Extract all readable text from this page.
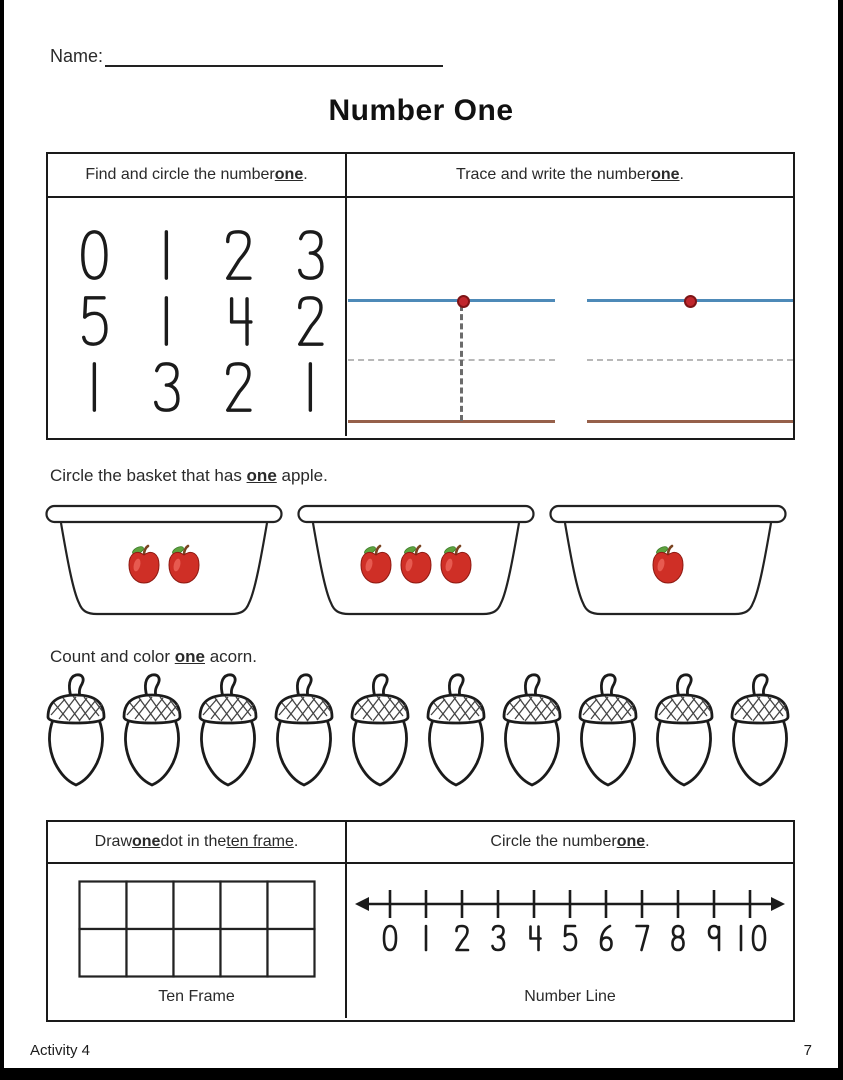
Name:
Number One
Find and circle the number one .	Trace and write the number one .
Circle the basket that has one apple.
Count and color one acorn.
Draw one dot in the ten frame .	Circle the number one .
Ten Frame	Number Line
Activity 4	7
